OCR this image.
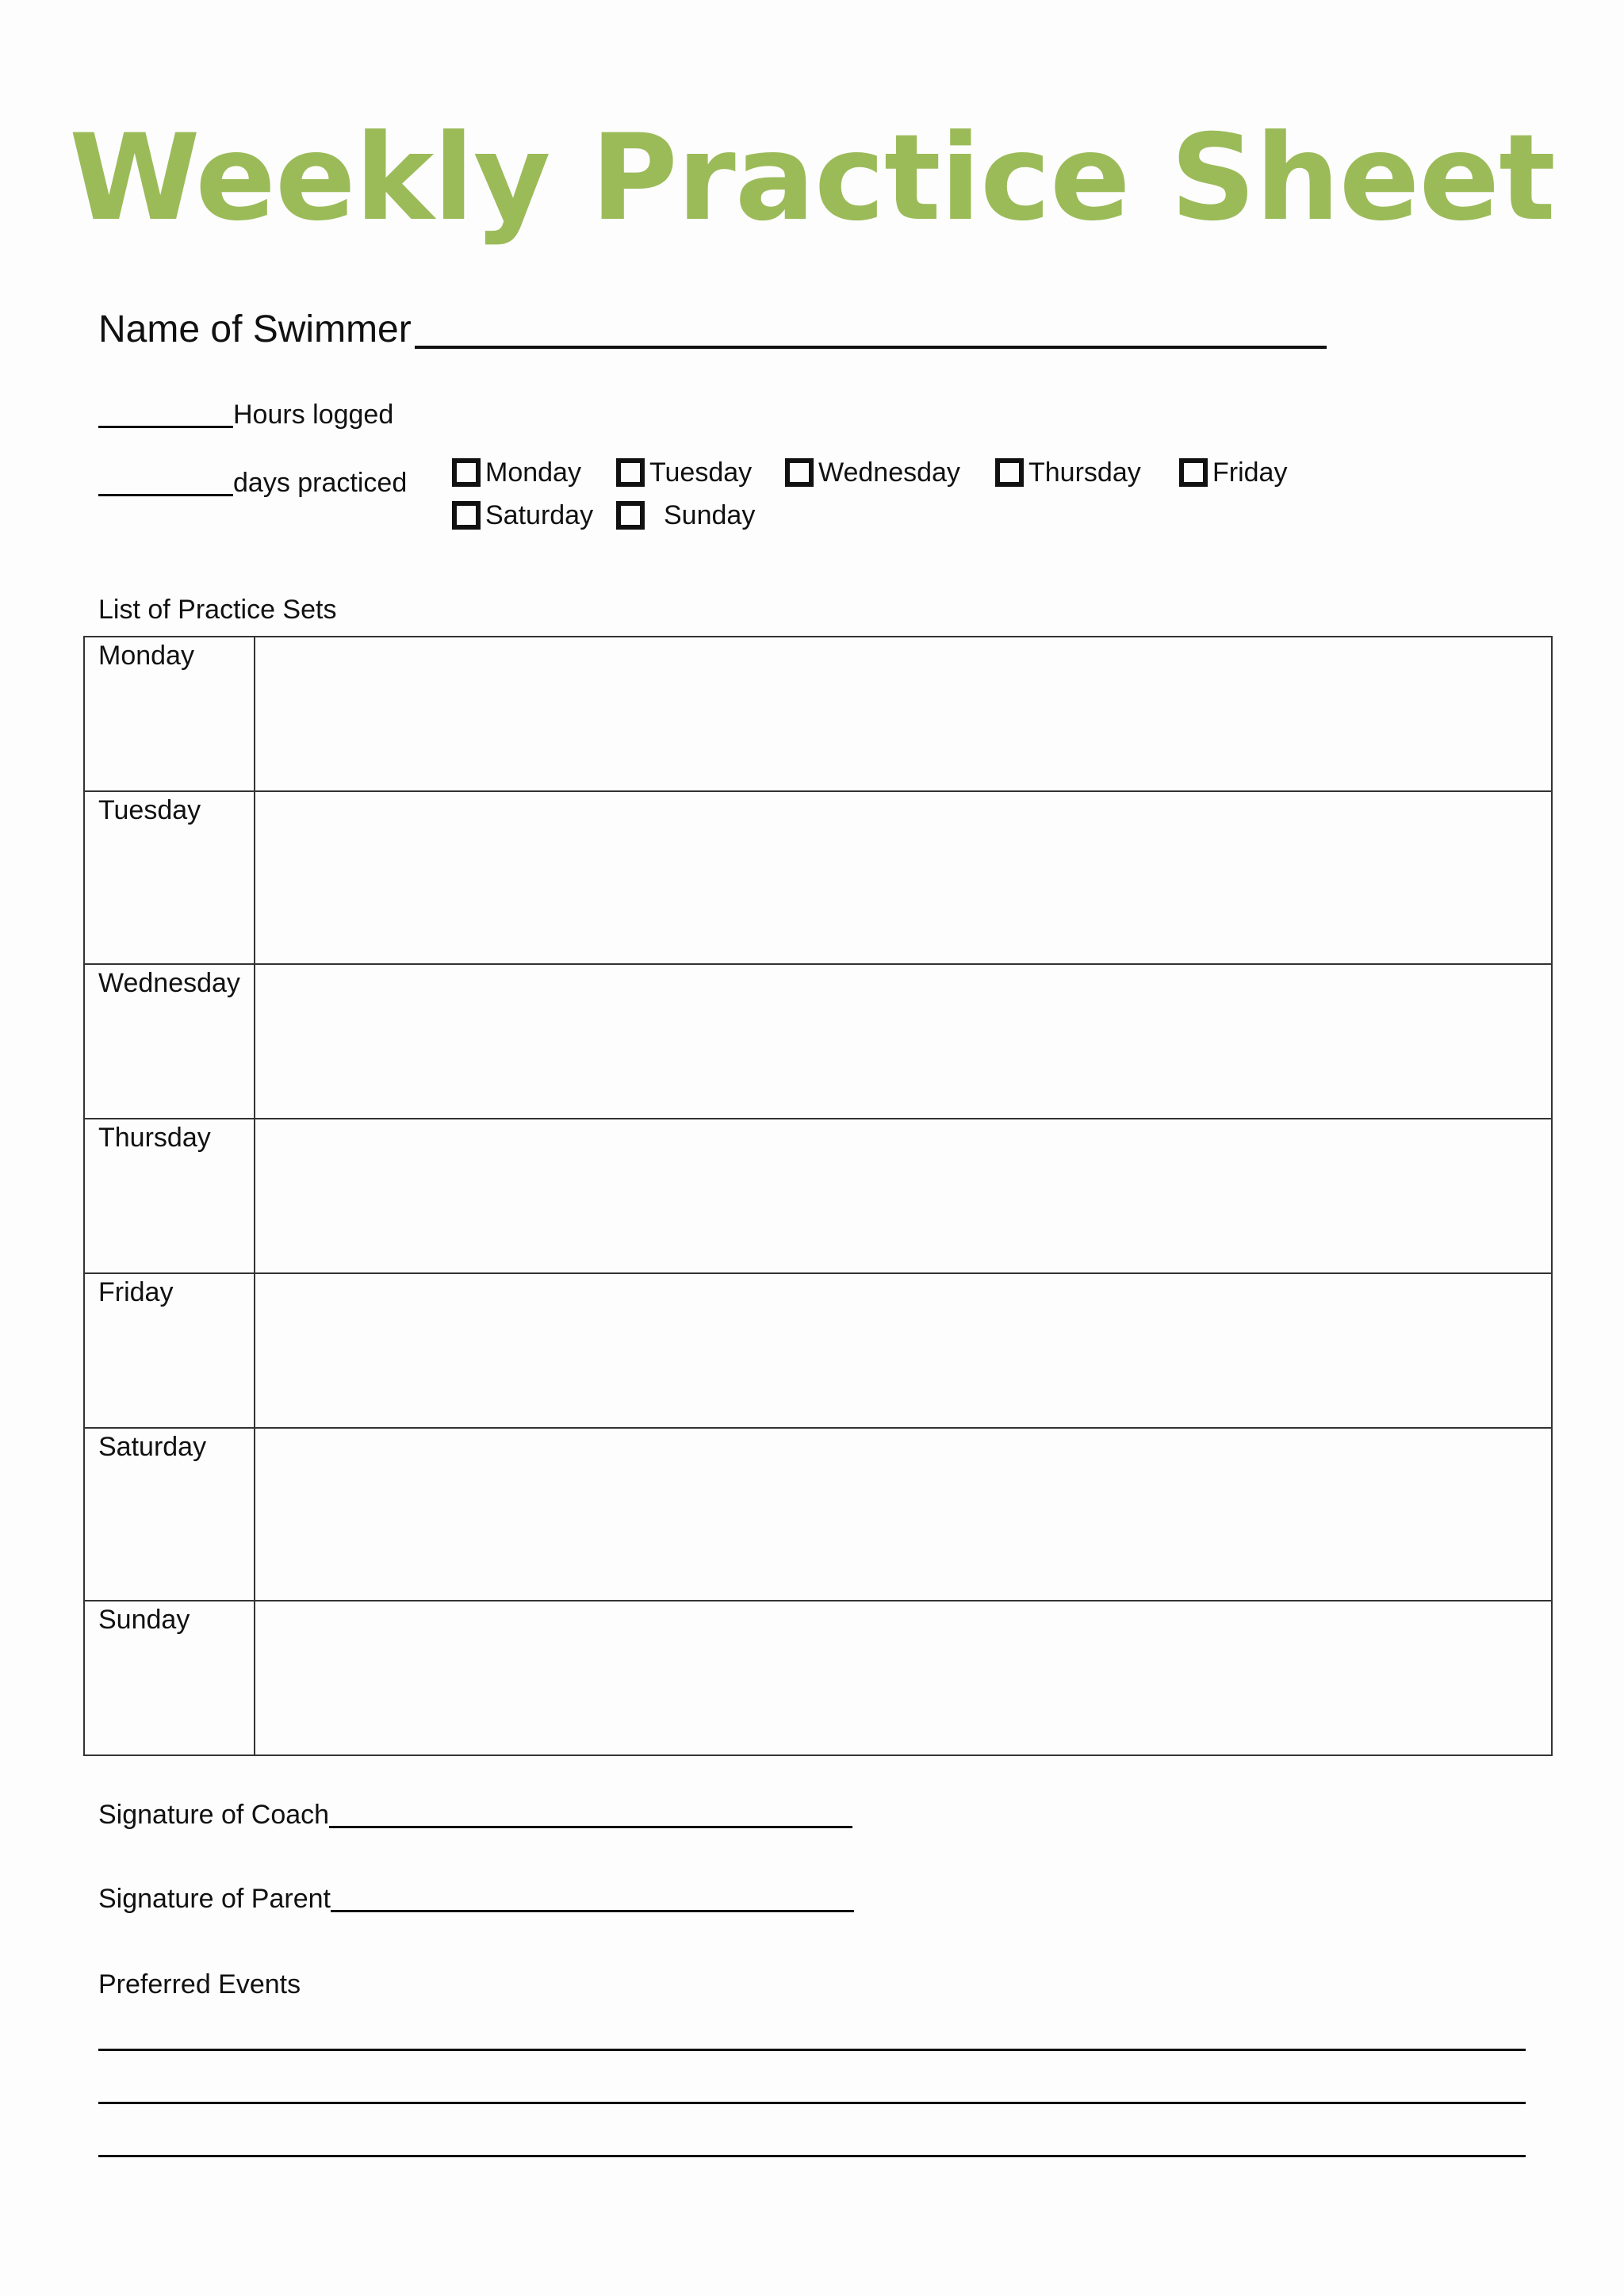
Weekly Practice Sheet
Name of Swimmer
Hours logged
days practiced	Monday	Tuesday Wednesday	Thursday	Friday
Saturday	Sunday
List of Practice Sets
Monday	
Tuesday	
Wednesday	
Thursday	
Friday	
Saturday	
Sunday	
Signature of Coach
Signature of Parent
Preferred Events
